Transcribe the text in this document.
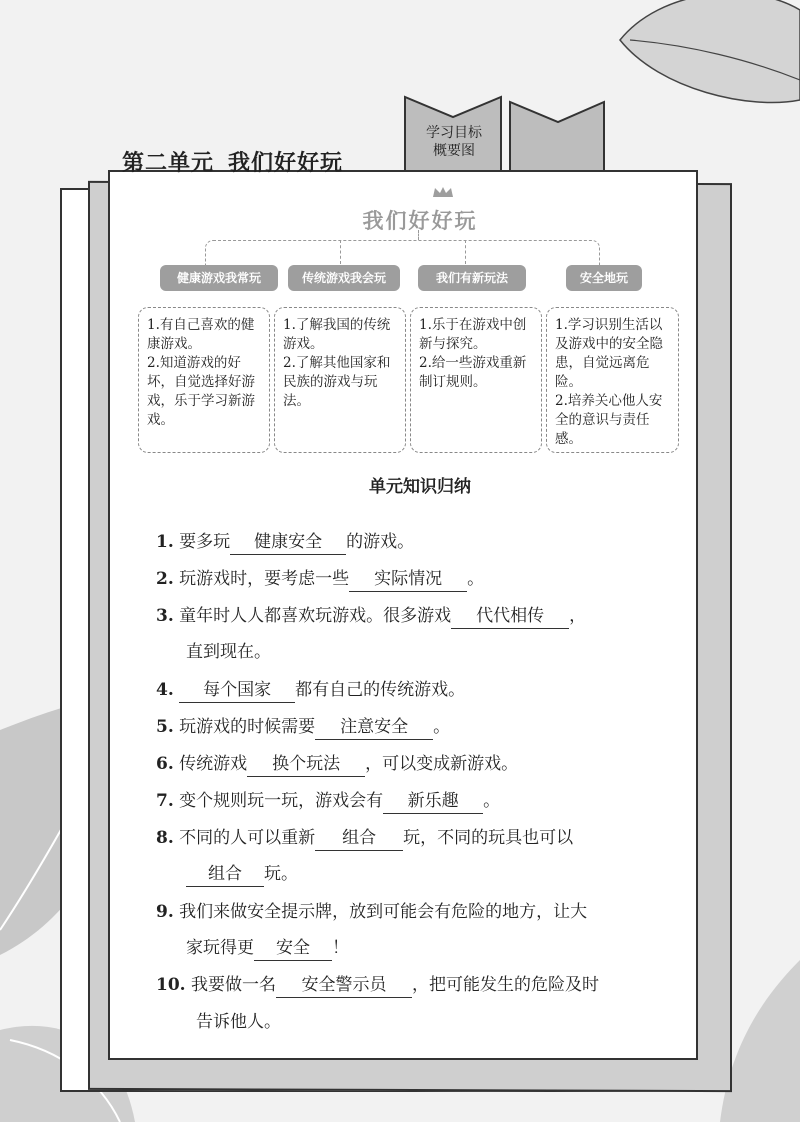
学习目标
概要图
第二单元 我们好好玩
我们好好玩
健康游戏我常玩	传统游戏我会玩	我们有新玩法	安全地玩

1.有自己喜欢的健康游戏。

2.知道游戏的好坏，自觉选择好游戏，乐于学习新游戏。

1.了解我国的传统游戏。

2.了解其他国家和民族的游戏与玩法。

1.乐于在游戏中创新与探究。

2.给一些游戏重新制订规则。

1.学习识别生活以及游戏中的安全隐患，自觉远离危险。

2.培养关心他人安全的意识与责任感。

单元知识归纳
1. 要多玩 健康安全 的游戏。
2. 玩游戏时，要考虑一些 实际情况 。
3. 童年时人人都喜欢玩游戏。很多游戏 代代相传 ，
直到现在。
4. 每个国家 都有自己的传统游戏。
5. 玩游戏的时候需要 注意安全 。
6. 传统游戏 换个玩法 ，可以变成新游戏。
7. 变个规则玩一玩，游戏会有 新乐趣 。
8. 不同的人可以重新 组合 玩，不同的玩具也可以
组合 玩。
9. 我们来做安全提示牌，放到可能会有危险的地方，让大
家玩得更 安全 ！
10. 我要做一名 安全警示员 ，把可能发生的危险及时
告诉他人。
